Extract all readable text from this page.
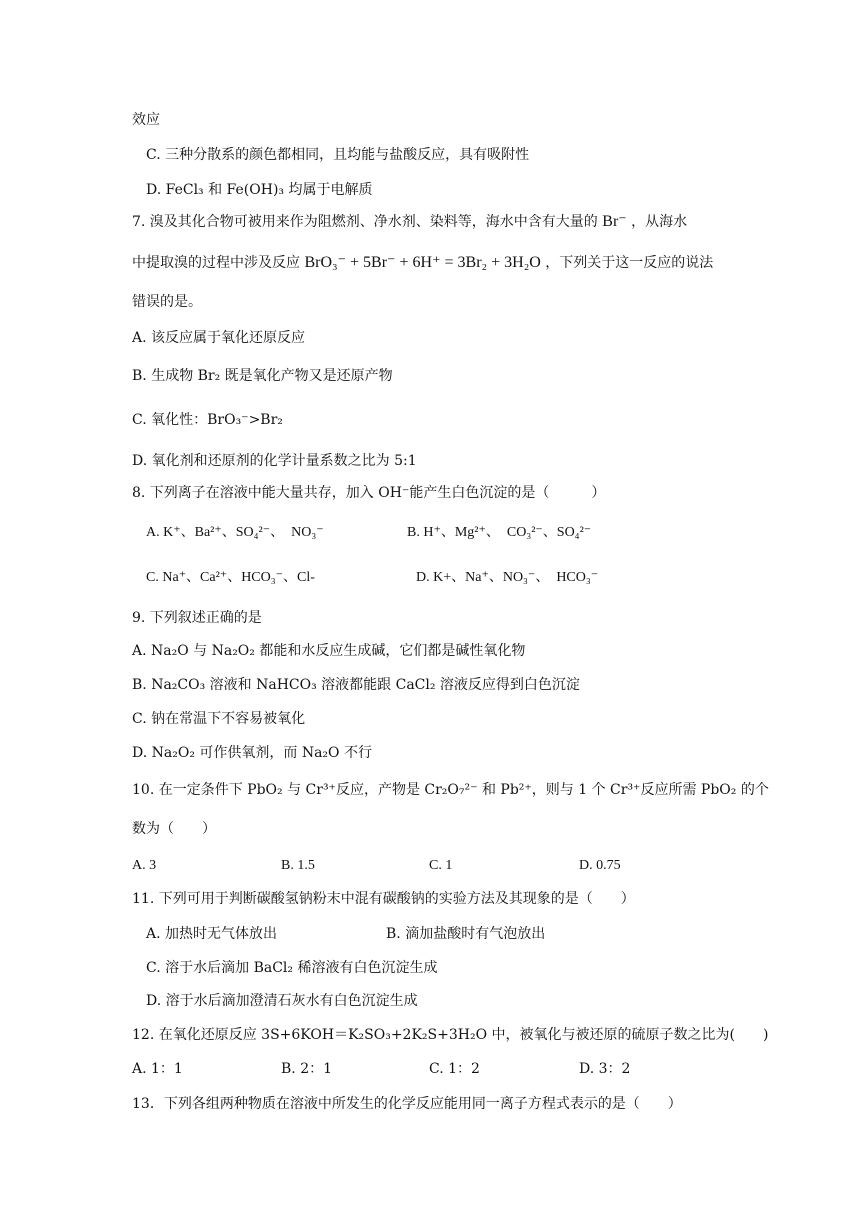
效应
C. 三种分散系的颜色都相同，且均能与盐酸反应，具有吸附性
D. FeCl₃ 和 Fe(OH)₃ 均属于电解质
7. 溴及其化合物可被用来作为阻燃剂、净水剂、染料等，海水中含有大量的 Br⁻ ，从海水
中提取溴的过程中涉及反应 BrO₃⁻ + 5Br⁻ + 6H⁺ = 3Br₂ + 3H₂O ，下列关于这一反应的说法
错误的是。
A. 该反应属于氧化还原反应
B. 生成物 Br₂ 既是氧化产物又是还原产物
C. 氧化性：BrO₃⁻>Br₂
D. 氧化剂和还原剂的化学计量系数之比为 5:1
8. 下列离子在溶液中能大量共存，加入 OH⁻能产生白色沉淀的是（　　　）
A. K⁺、Ba²⁺、SO₄²⁻、　NO₃⁻	B. H⁺、Mg²⁺、　CO₃²⁻、SO₄²⁻
C. Na⁺、Ca²⁺、HCO₃⁻、Cl-	D. K+、Na⁺、NO₃⁻、　HCO₃⁻
9. 下列叙述正确的是
A. Na₂O 与 Na₂O₂ 都能和水反应生成碱，它们都是碱性氧化物
B. Na₂CO₃ 溶液和 NaHCO₃ 溶液都能跟 CaCl₂ 溶液反应得到白色沉淀
C. 钠在常温下不容易被氧化
D. Na₂O₂ 可作供氧剂，而 Na₂O 不行
10. 在一定条件下 PbO₂ 与 Cr³⁺反应，产物是 Cr₂O₇²⁻ 和 Pb²⁺，则与 1 个 Cr³⁺反应所需 PbO₂ 的个
数为（　　）
A. 3	B. 1.5	C. 1	D. 0.75
11. 下列可用于判断碳酸氢钠粉末中混有碳酸钠的实验方法及其现象的是（　　）
A. 加热时无气体放出	B. 滴加盐酸时有气泡放出
C. 溶于水后滴加 BaCl₂ 稀溶液有白色沉淀生成
D. 溶于水后滴加澄清石灰水有白色沉淀生成
12. 在氧化还原反应 3S+6KOH＝K₂SO₃+2K₂S+3H₂O 中，被氧化与被还原的硫原子数之比为(　　)
A. 1：1	B. 2：1	C. 1：2	D. 3：2
13．下列各组两种物质在溶液中所发生的化学反应能用同一离子方程式表示的是（　　）
